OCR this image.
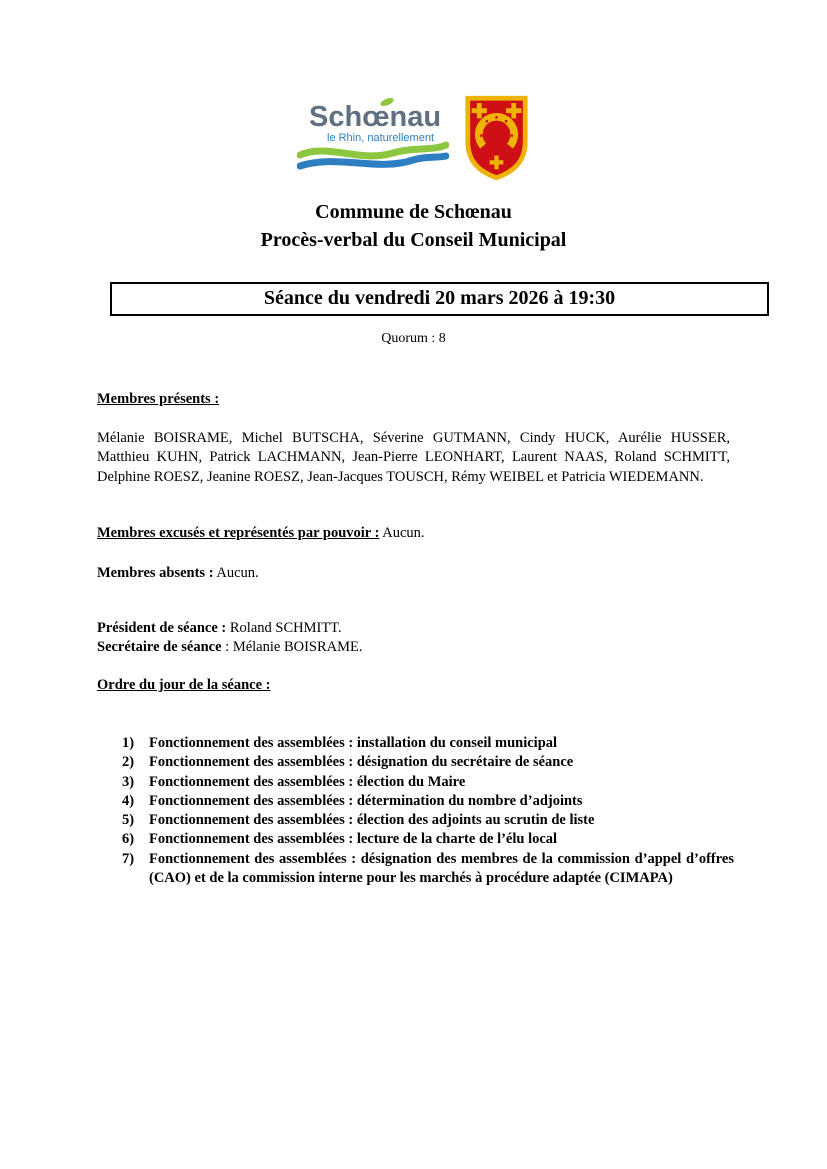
Schœnau
le Rhin, naturellement
Commune de Schœnau
Procès-verbal du Conseil Municipal
Séance du vendredi 20 mars 2026 à 19:30
Quorum : 8
Membres présents :

Mélanie BOISRAME, Michel BUTSCHA, Séverine GUTMANN, Cindy HUCK, Aurélie HUSSER, Matthieu KUHN, Patrick LACHMANN, Jean-Pierre LEONHART, Laurent NAAS, Roland SCHMITT, Delphine ROESZ, Jeanine ROESZ, Jean-Jacques TOUSCH, Rémy WEIBEL et Patricia WIEDEMANN.

Membres excusés et représentés par pouvoir : Aucun.
Membres absents : Aucun.
Président de séance : Roland SCHMITT.
Secrétaire de séance : Mélanie BOISRAME.
Ordre du jour de la séance :
1)	Fonctionnement des assemblées : installation du conseil municipal
2)	Fonctionnement des assemblées : désignation du secrétaire de séance
3)	Fonctionnement des assemblées : élection du Maire
4)	Fonctionnement des assemblées : détermination du nombre d’adjoints
5)	Fonctionnement des assemblées : élection des adjoints au scrutin de liste
6)	Fonctionnement des assemblées : lecture de la charte de l’élu local
7)	Fonctionnement des assemblées : désignation des membres de la commission d’appel d’offres (CAO) et de la commission interne pour les marchés à procédure adaptée (CIMAPA)
